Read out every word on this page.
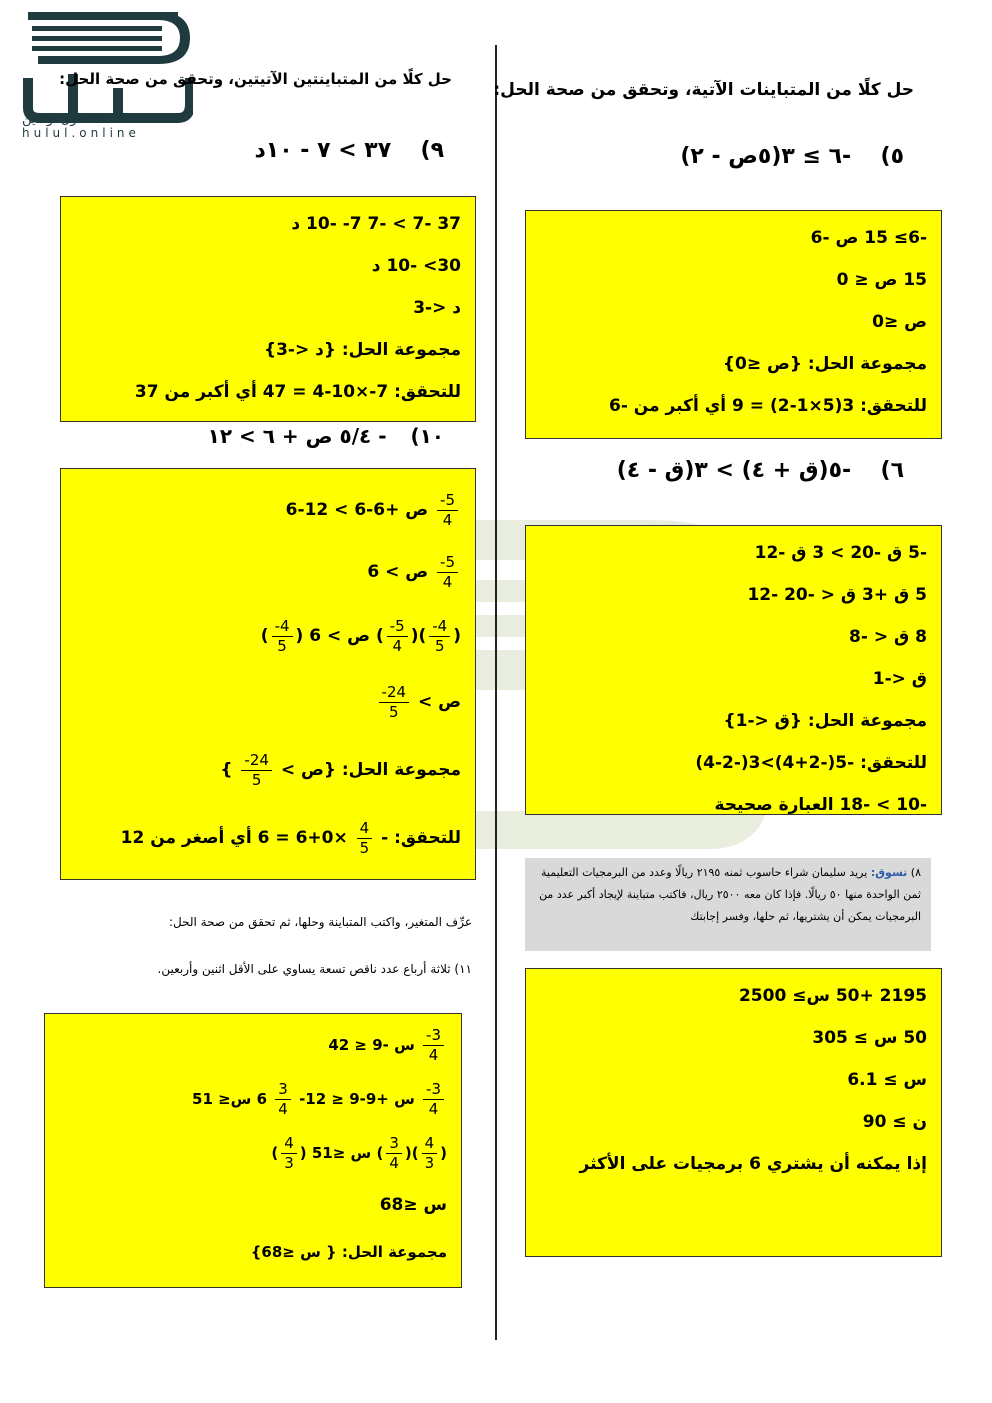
الحلول اونلاين
hulul.online
حل كلًا من المتباينات الآتية، وتحقق من صحة الحل:
٥)  -٦ ≥ ٣(٥ص - ٢)
-6≥ 15 ص -6
15 ص ≤ 0
ص ≤0
مجموعة الحل: {ص ≤0}
للتحقق: 3(5×1-2) = 9 أي أكبر من -6
٦)  -٥(ق + ٤) > ٣(ق - ٤)
-5 ق -20 > 3 ق -12
5 ق +3 ق < -20 -12
8 ق < -8
ق <-1
مجموعة الحل: {ق <-1}
للتحقق: -5(-2+4)>3(-2-4)
-10 > -18 العبارة صحيحة
٨) تسوق: يريد سليمان شراء حاسوب ثمنه ٢١٩٥ ريالًا وعدد من البرمجيات التعليمية ثمن الواحدة منها ٥٠ ريالًا. فإذا كان معه ٢٥٠٠ ريال، فاكتب متباينة لإيجاد أكبر عدد من البرمجيات يمكن أن يشتريها، ثم حلها، وفسر إجابتك
2195 +50 س≥ 2500
50 س ≥ 305
س ≥ 6.1
ن ≥ 90
إذا يمكنه أن يشتري 6 برمجيات على الأكثر
حل كلًا من المتباينتين الآتيتين، وتحقق من صحة الحل:
٩)  ٣٧ > ٧ - ١٠د
37 -7 > -7 7- -10 د
30> -10 د
د <-3
مجموعة الحل: {د <-3}
للتحقق: 7-×10-4 = 47 أي أكبر من 37
١٠)  - ٥/٤ ص + ٦ > ١٢
$\frac{5-}{4}$
ص +6-6 > 12-6
$\frac{5-}{4}$
ص > 6
(
$\frac{4-}{5}$
)(
$\frac{5-}{4}$
) ص > 6 (
$\frac{4-}{5}$
)
ص >
$\frac{24-}{5}$
مجموعة الحل: {ص >
$\frac{24-}{5}$
}
للتحقق: -
$\frac{4}{5}$
×0+6 = 6 أي أصغر من 12
عرِّف المتغير، واكتب المتباينة وحلها، ثم تحقق من صحة الحل:
١١) ثلاثة أرباع عدد ناقص تسعة يساوي على الأقل اثنين وأربعين.
$\frac{3-}{4}$
س -9 ≤ 42
$\frac{3-}{4}$
س +9-9 ≤ 12-
$\frac{3}{4}$
6 س≤ 51
(
$\frac{4}{3}$
)(
$\frac{3}{4}$
) س ≤51 (
$\frac{4}{3}$
)
س ≤68
مجموعة الحل: { س ≤68}
